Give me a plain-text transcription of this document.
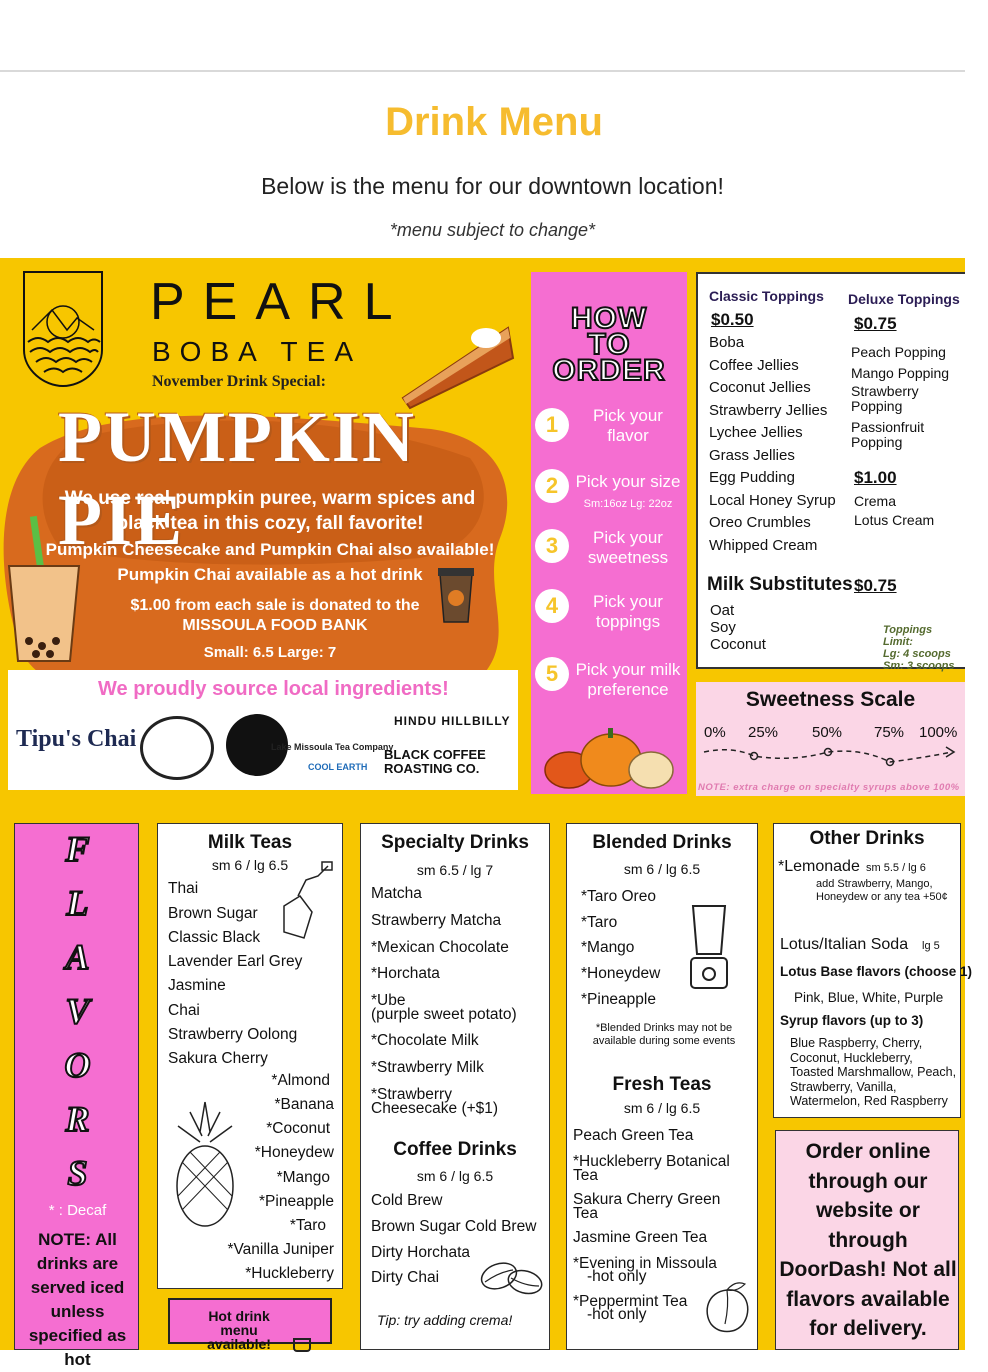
Drink Menu
Below is the menu for our downtown location!
*menu subject to change*
PEARL
BOBA TEA
November Drink Special:
PUMPKIN PIE
We use real pumpkin puree, warm spices and black tea in this cozy, fall favorite!
Pumpkin Cheesecake and Pumpkin Chai also available!
Pumpkin Chai available as a hot drink
$1.00 from each sale is donated to the
MISSOULA FOOD BANK
Small: 6.5 Large: 7
We proudly source local ingredients!
Tipu's Chai	Lake Missoula Tea Company
COOL EARTH
HINDU HILLBILLY
BLACK COFFEE ROASTING CO.
HOW
TO
ORDER
1	Pick your flavor
2	Pick your size
Sm:16oz Lg: 22oz
3	Pick your sweetness
4	Pick your toppings
5	Pick your milk preference
Classic Toppings
$0.50
Boba
Coffee Jellies
Coconut Jellies
Strawberry Jellies
Lychee Jellies
Grass Jellies
Egg Pudding
Local Honey Syrup
Oreo Crumbles
Whipped Cream
Deluxe Toppings
$0.75
Peach Popping
Mango Popping
Strawberry Popping
Passionfruit Popping
$1.00
Crema
Lotus Cream
Milk Substitutes $0.75
Oat
Soy
Coconut
Toppings Limit:
Lg: 4 scoops
Sm: 3 scoops
Sweetness Scale
0% 25% 50% 75% 100%
NOTE: extra charge on specialty syrups above 100%
F
L
A
V
O
R
S
* : Decaf
NOTE: All drinks are served iced unless specified as hot
Milk Teas
sm 6 / lg 6.5
Thai
Brown Sugar
Classic Black
Lavender Earl Grey
Jasmine
Chai
Strawberry Oolong
Sakura Cherry
*Almond
*Banana
*Coconut
*Honeydew
*Mango
*Pineapple
*Taro
*Vanilla Juniper
*Huckleberry
Hot drink menu available!
Specialty Drinks
sm 6.5 / lg 7
Matcha
Strawberry Matcha
*Mexican Chocolate
*Horchata
*Ube
(purple sweet potato)
*Chocolate Milk
*Strawberry Milk
*Strawberry
Cheesecake (+$1)
Coffee Drinks
sm 6 / lg 6.5
Cold Brew
Brown Sugar Cold Brew
Dirty Horchata
Dirty Chai
Tip: try adding crema!
Blended Drinks
sm 6 / lg 6.5
*Taro Oreo
*Taro
*Mango
*Honeydew
*Pineapple
*Blended Drinks may not be available during some events
Fresh Teas
sm 6 / lg 6.5
Peach Green Tea
*Huckleberry Botanical
Tea
Sakura Cherry Green
Tea
Jasmine Green Tea
*Evening in Missoula
-hot only
*Peppermint Tea
-hot only
Other Drinks
*Lemonade sm 5.5 / lg 6
add Strawberry, Mango, Honeydew or any tea +50¢
Lotus/Italian Soda lg 5
Lotus Base flavors (choose 1)
Pink, Blue, White, Purple
Syrup flavors (up to 3)
Blue Raspberry, Cherry, Coconut, Huckleberry, Toasted Marshmallow, Peach, Strawberry, Vanilla, Watermelon, Red Raspberry
Order online through our website or through DoorDash! Not all flavors available for delivery.
